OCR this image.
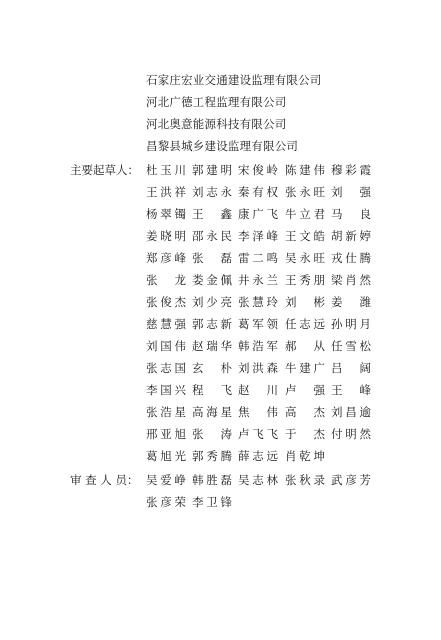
石家庄宏业交通建设监理有限公司
河北广德工程监理有限公司
河北奥意能源科技有限公司
昌黎县城乡建设监理有限公司
主要起草人： 杜玉川 郭建明 宋俊岭 陈建伟 穆彩霞
王洪祥 刘志永 秦有权 张永旺 刘　强
杨翠镯 王　鑫 康广飞 牛立君 马　良
姜晓明 邵永民 李泽峰 王文皓 胡新婷
郑彦峰 张　磊 雷二鸣 吴永旺 戎仕腾
张　龙 娄金佩 井永兰 王秀朋 梁肖然
张俊杰 刘少亮 张慧玲 刘　彬 姜　潍
慈慧强 郭志新 葛军领 任志远 孙明月
刘国伟 赵瑞华 韩浩军 郝　从 任雪松
张志国 玄　朴 刘洪森 牛建广 吕　阔
李国兴 程　飞 赵　川 卢　强 王　峰
张浩星 高海星 焦　伟 高　杰 刘昌逾
邢亚旭 张　涛 卢飞飞 于　杰 付明然
葛旭光 郭秀腾 薛志远 肖乾坤
审 查 人 员： 吴爱峥 韩胜磊 吴志林 张秋录 武彦芳
张彦荣 李卫锋
